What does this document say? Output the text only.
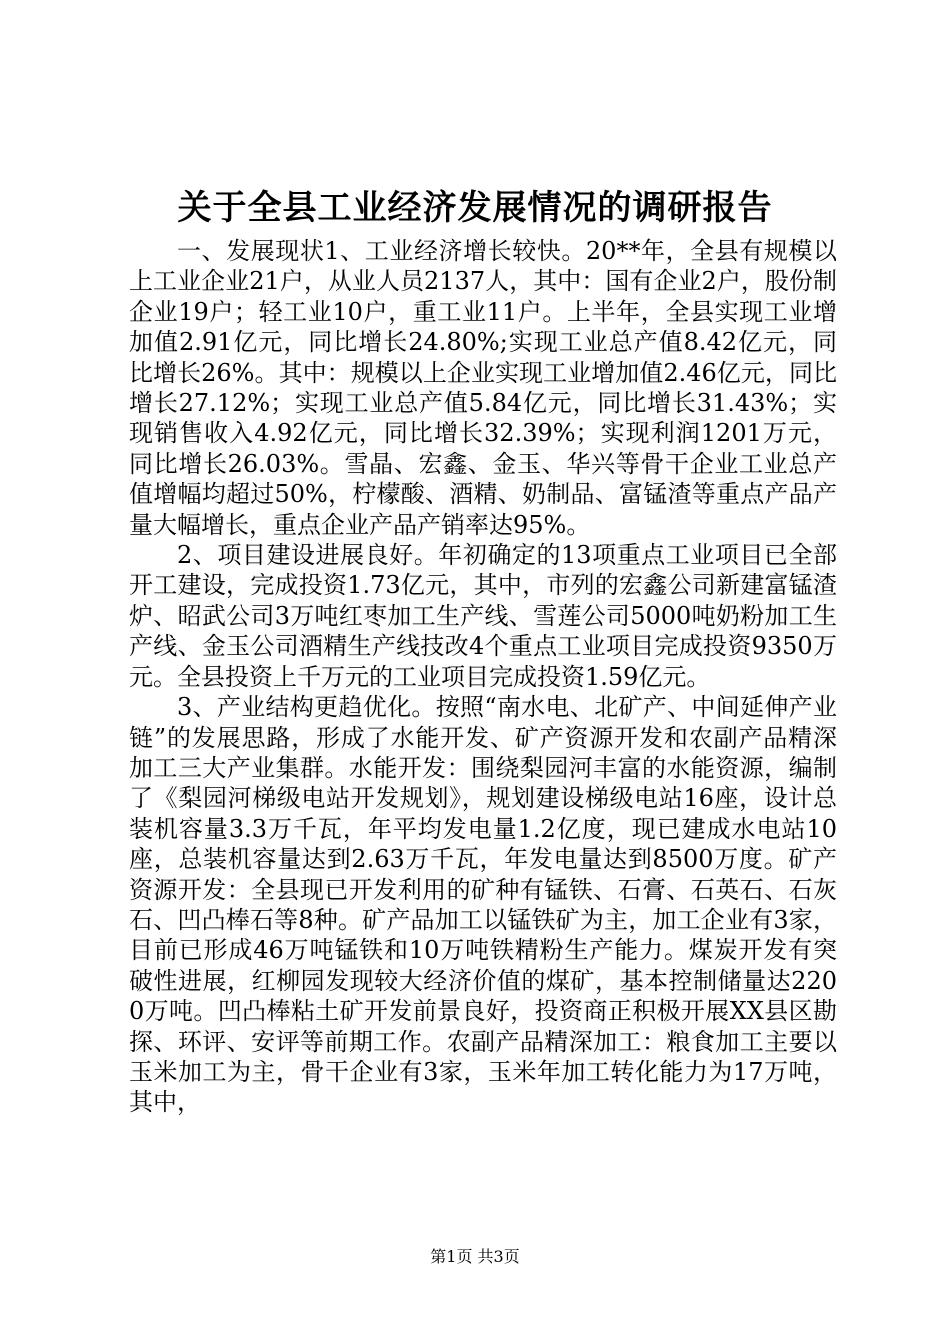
关于全县工业经济发展情况的调研报告

一、发展现状1、工业经济增长较快。20**年，全县有规模以上工业企业21户，从业人员2137人，其中：国有企业2户，股份制企业19户；轻工业10户，重工业11户。上半年，全县实现工业增加值2.91亿元，同比增长24.80%;实现工业总产值8.42亿元，同比增长26%。其中：规模以上企业实现工业增加值2.46亿元，同比增长27.12%；实现工业总产值5.84亿元，同比增长31.43%；实现销售收入4.92亿元，同比增长32.39%；实现利润1201万元，同比增长26.03%。雪晶、宏鑫、金玉、华兴等骨干企业工业总产值增幅均超过50%，柠檬酸、酒精、奶制品、富锰渣等重点产品产量大幅增长，重点企业产品产销率达95%。

2、项目建设进展良好。年初确定的13项重点工业项目已全部开工建设，完成投资1.73亿元，其中，市列的宏鑫公司新建富锰渣炉、昭武公司3万吨红枣加工生产线、雪莲公司5000吨奶粉加工生产线、金玉公司酒精生产线技改4个重点工业项目完成投资9350万元。全县投资上千万元的工业项目完成投资1.59亿元。

3、产业结构更趋优化。按照“南水电、北矿产、中间延伸产业链”的发展思路，形成了水能开发、矿产资源开发和农副产品精深加工三大产业集群。水能开发：围绕梨园河丰富的水能资源，编制了《梨园河梯级电站开发规划》，规划建设梯级电站16座，设计总装机容量3.3万千瓦，年平均发电量1.2亿度，现已建成水电站10座，总装机容量达到2.63万千瓦，年发电量达到8500万度。矿产资源开发：全县现已开发利用的矿种有锰铁、石膏、石英石、石灰石、凹凸棒石等8种。矿产品加工以锰铁矿为主，加工企业有3家，目前已形成46万吨锰铁和10万吨铁精粉生产能力。煤炭开发有突破性进展，红柳园发现较大经济价值的煤矿，基本控制储量达2200万吨。凹凸棒粘土矿开发前景良好，投资商正积极开展XX县区勘探、环评、安评等前期工作。农副产品精深加工：粮食加工主要以玉米加工为主，骨干企业有3家，玉米年加工转化能力为17万吨，其中，

第1页 共3页
